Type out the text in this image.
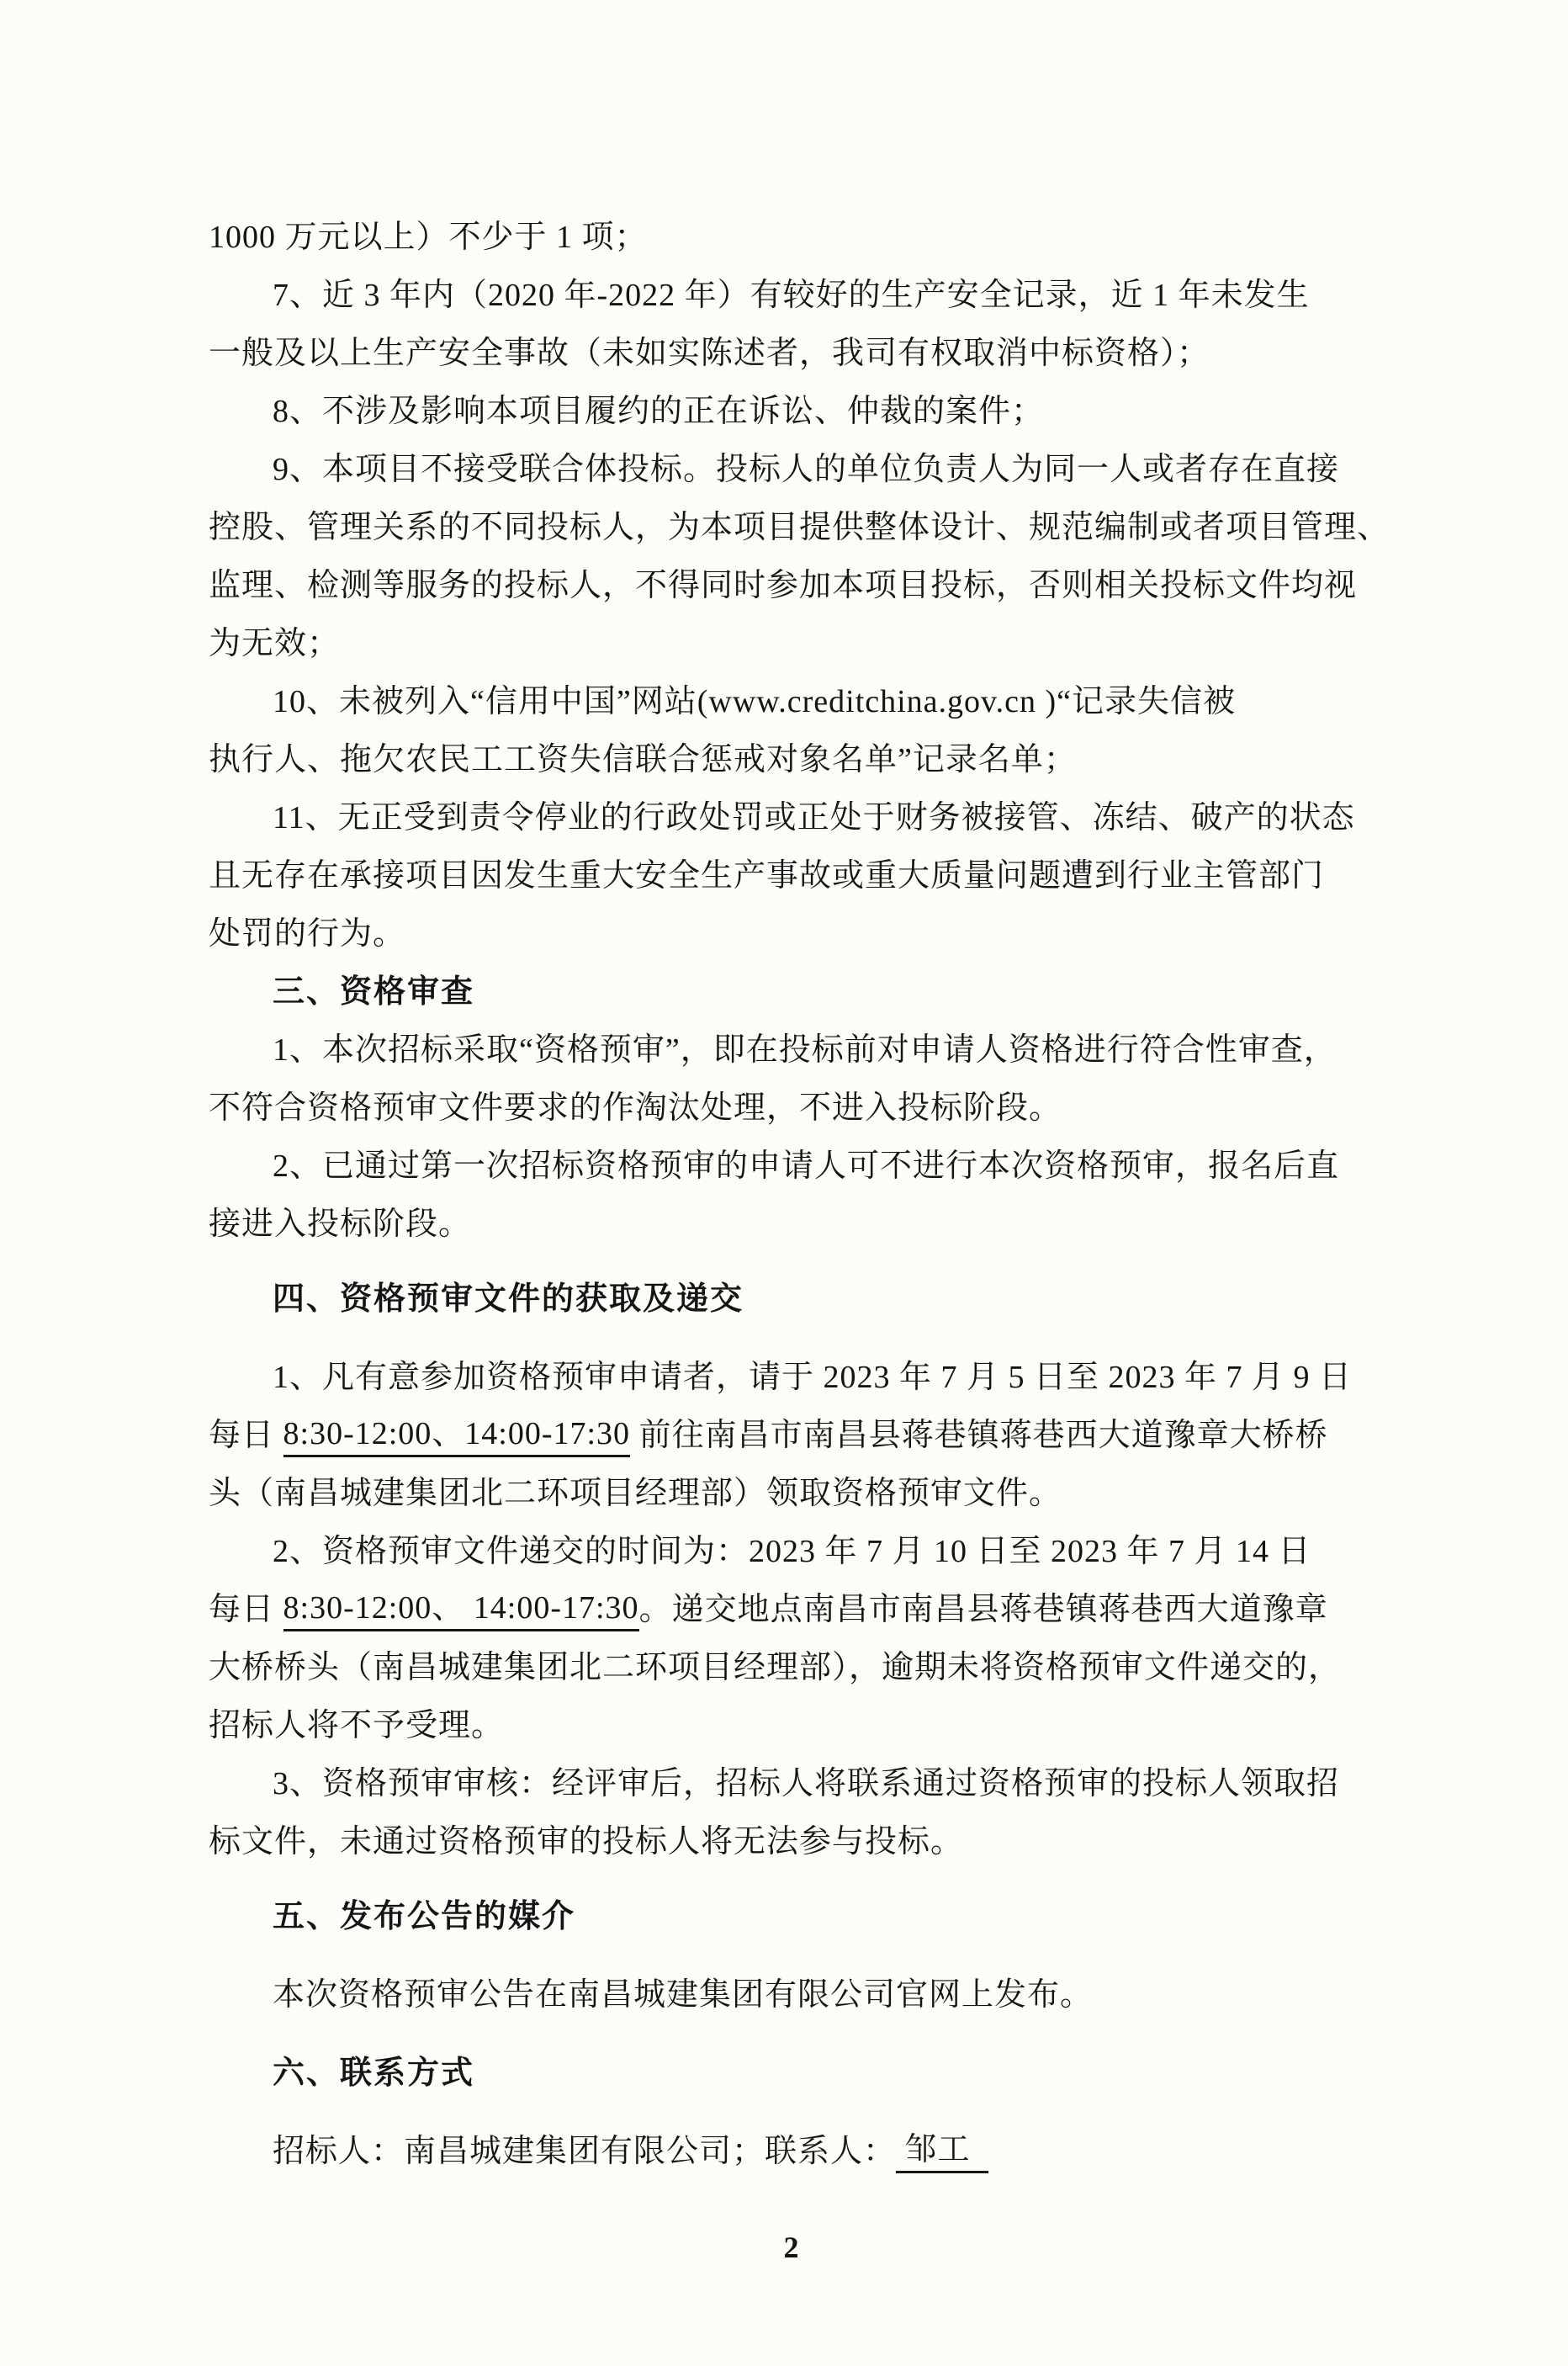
1000 万元以上）不少于 1 项；
7、近 3 年内（2020 年-2022 年）有较好的生产安全记录，近 1 年未发生
一般及以上生产安全事故（未如实陈述者，我司有权取消中标资格）；
8、不涉及影响本项目履约的正在诉讼、仲裁的案件；
9、本项目不接受联合体投标。投标人的单位负责人为同一人或者存在直接
控股、管理关系的不同投标人，为本项目提供整体设计、规范编制或者项目管理、
监理、检测等服务的投标人，不得同时参加本项目投标，否则相关投标文件均视
为无效；
10、未被列入“信用中国”网站(www.creditchina.gov.cn )“记录失信被
执行人、拖欠农民工工资失信联合惩戒对象名单”记录名单；
11、无正受到责令停业的行政处罚或正处于财务被接管、冻结、破产的状态
且无存在承接项目因发生重大安全生产事故或重大质量问题遭到行业主管部门
处罚的行为。
三、资格审查
1、本次招标采取“资格预审”，即在投标前对申请人资格进行符合性审查，
不符合资格预审文件要求的作淘汰处理，不进入投标阶段。
2、已通过第一次招标资格预审的申请人可不进行本次资格预审，报名后直
接进入投标阶段。
四、资格预审文件的获取及递交
1、凡有意参加资格预审申请者，请于 2023 年 7 月 5 日至 2023 年 7 月 9 日
每日 8:30-12:00、14:00-17:30 前往南昌市南昌县蒋巷镇蒋巷西大道豫章大桥桥
头（南昌城建集团北二环项目经理部）领取资格预审文件。
2、资格预审文件递交的时间为：2023 年 7 月 10 日至 2023 年 7 月 14 日
每日 8:30-12:00、 14:00-17:30 。递交地点南昌市南昌县蒋巷镇蒋巷西大道豫章
大桥桥头（南昌城建集团北二环项目经理部），逾期未将资格预审文件递交的，
招标人将不予受理。
3、资格预审审核：经评审后，招标人将联系通过资格预审的投标人领取招
标文件，未通过资格预审的投标人将无法参与投标。
五、发布公告的媒介
本次资格预审公告在南昌城建集团有限公司官网上发布。
六、联系方式
招标人：南昌城建集团有限公司；联系人： 邹工
2
